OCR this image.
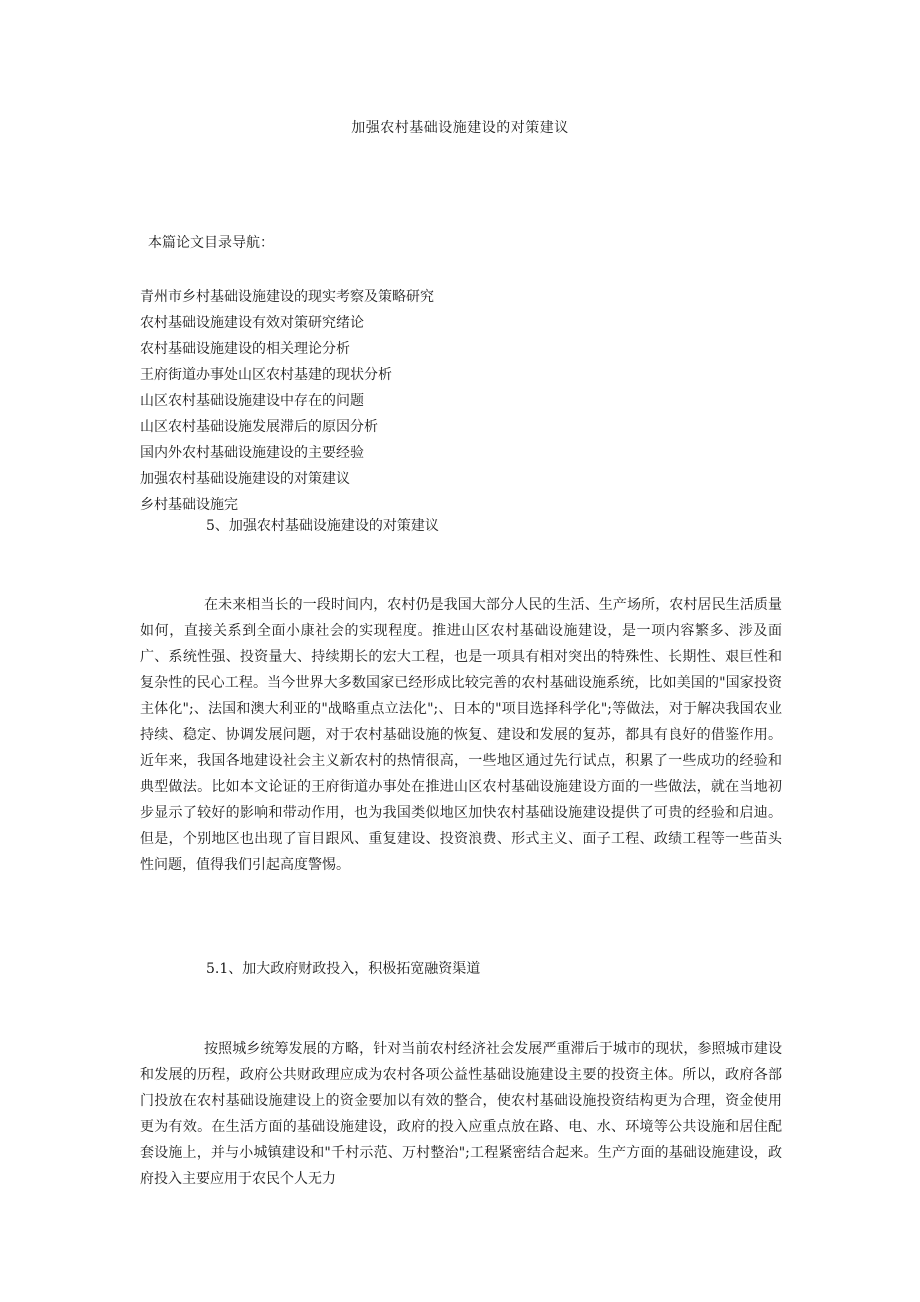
加强农村基础设施建设的对策建议
本篇论文目录导航：
青州市乡村基础设施建设的现实考察及策略研究
农村基础设施建设有效对策研究绪论
农村基础设施建设的相关理论分析
王府街道办事处山区农村基建的现状分析
山区农村基础设施建设中存在的问题
山区农村基础设施发展滞后的原因分析
国内外农村基础设施建设的主要经验
加强农村基础设施建设的对策建议
乡村基础设施完
5、加强农村基础设施建设的对策建议

在未来相当长的一段时间内，农村仍是我国大部分人民的生活、生产场所，农村居民生活质量如何，直接关系到全面小康社会的实现程度。推进山区农村基础设施建设，是一项内容繁多、涉及面广、系统性强、投资量大、持续期长的宏大工程，也是一项具有相对突出的特殊性、长期性、艰巨性和复杂性的民心工程。当今世界大多数国家已经形成比较完善的农村基础设施系统，比如美国的"国家投资主体化";、法国和澳大利亚的"战略重点立法化";、日本的"项目选择科学化";等做法，对于解决我国农业持续、稳定、协调发展问题，对于农村基础设施的恢复、建设和发展的复苏，都具有良好的借鉴作用。近年来，我国各地建设社会主义新农村的热情很高，一些地区通过先行试点，积累了一些成功的经验和典型做法。比如本文论证的王府街道办事处在推进山区农村基础设施建设方面的一些做法，就在当地初步显示了较好的影响和带动作用，也为我国类似地区加快农村基础设施建设提供了可贵的经验和启迪。但是，个别地区也出现了盲目跟风、重复建设、投资浪费、形式主义、面子工程、政绩工程等一些苗头性问题，值得我们引起高度警惕。

5.1、加大政府财政投入，积极拓宽融资渠道

按照城乡统筹发展的方略，针对当前农村经济社会发展严重滞后于城市的现状，参照城市建设和发展的历程，政府公共财政理应成为农村各项公益性基础设施建设主要的投资主体。所以，政府各部门投放在农村基础设施建设上的资金要加以有效的整合，使农村基础设施投资结构更为合理，资金使用更为有效。在生活方面的基础设施建设，政府的投入应重点放在路、电、水、环境等公共设施和居住配套设施上，并与小城镇建设和"千村示范、万村整治";工程紧密结合起来。生产方面的基础设施建设，政府投入主要应用于农民个人无力
